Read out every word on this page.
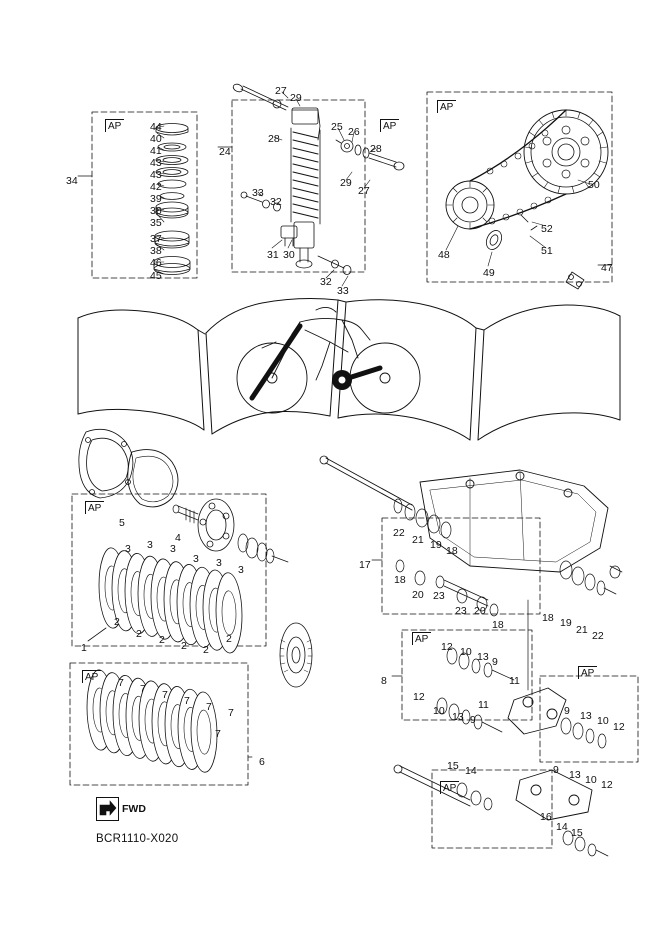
FWD
BCR1110-X020
AP	AP
AP
AP
AP
AP
AP
AP
34
44
40
41
43
43
42
39
36
35
37
38
46
45
24
27
29
28
25 26
28
29
27
33
32
31 30
32
33
50
52
51
48
49	47
5
4
3 3 3
3 3
3
2
2 2 2 2
2
1
7 7 7 7 7 7
7
6
17
22
21 19 18
18
20 23
23 20
18
18 19
21 22
8
12 10 13 9
11
12
10 13 9
11	9 13 10 12
9 13 10 12
15 14
16
14 15
